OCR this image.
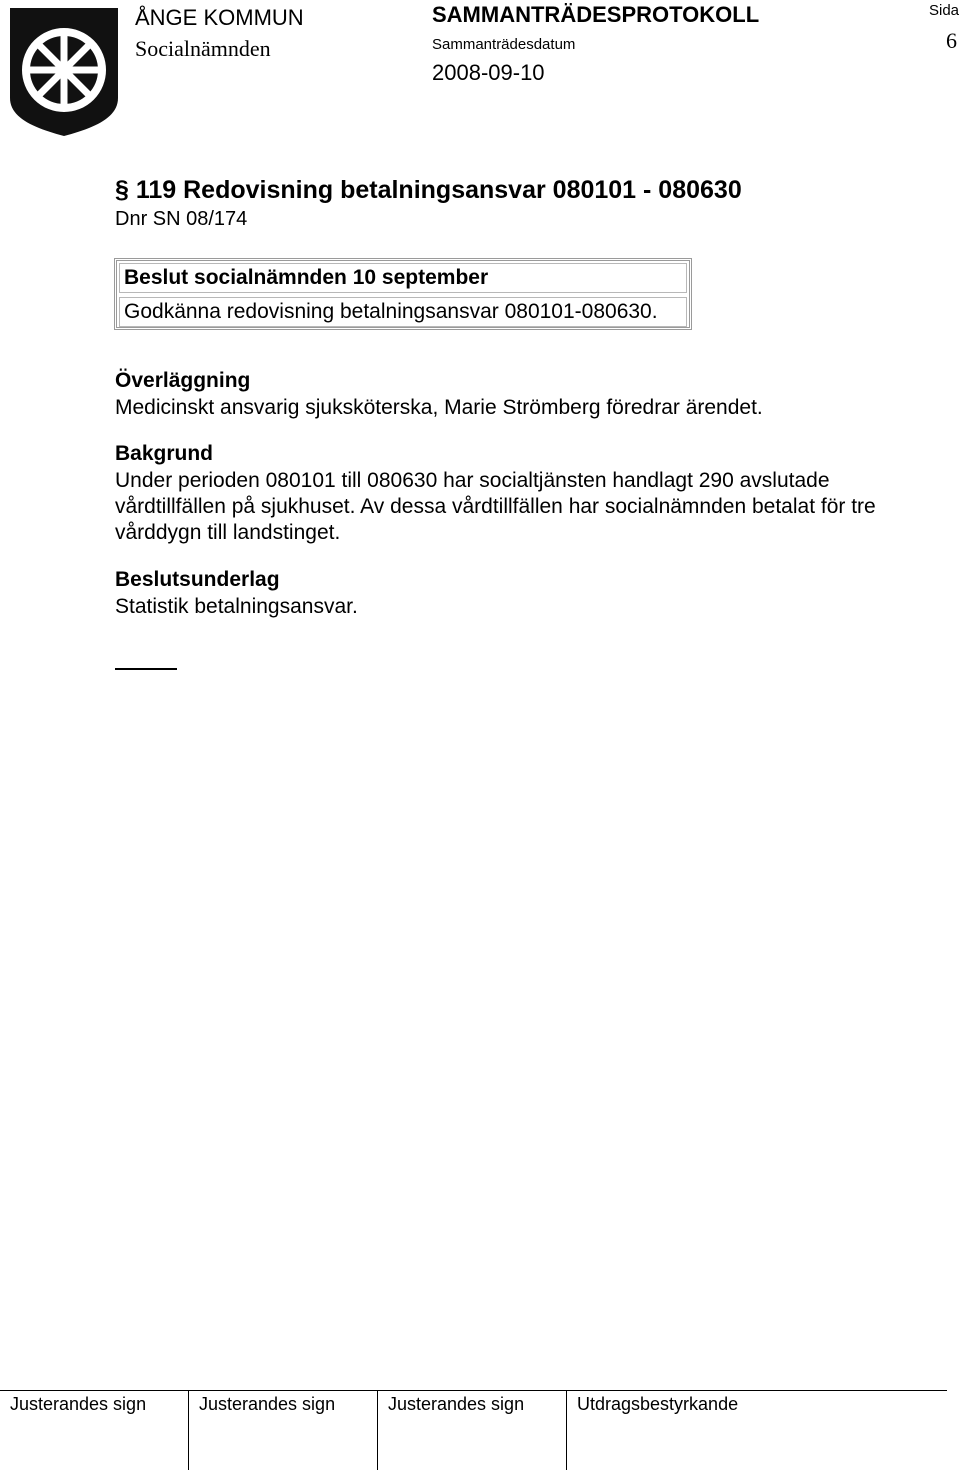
ÅNGE KOMMUN
Socialnämnden
SAMMANTRÄDESPROTOKOLL
Sammanträdesdatum
2008-09-10
Sida
6
§ 119 Redovisning betalningsansvar 080101 - 080630
Dnr SN 08/174
Beslut socialnämnden 10 september
Godkänna redovisning betalningsansvar 080101-080630.
Överläggning
Medicinskt ansvarig sjuksköterska, Marie Strömberg föredrar ärendet.
Bakgrund
Under perioden 080101 till 080630 har socialtjänsten handlagt 290 avslutade vårdtillfällen på sjukhuset. Av dessa vårdtillfällen har socialnämnden betalat för tre vårddygn till landstinget.
Beslutsunderlag
Statistik betalningsansvar.
Justerandes sign	Justerandes sign	Justerandes sign	Utdragsbestyrkande
